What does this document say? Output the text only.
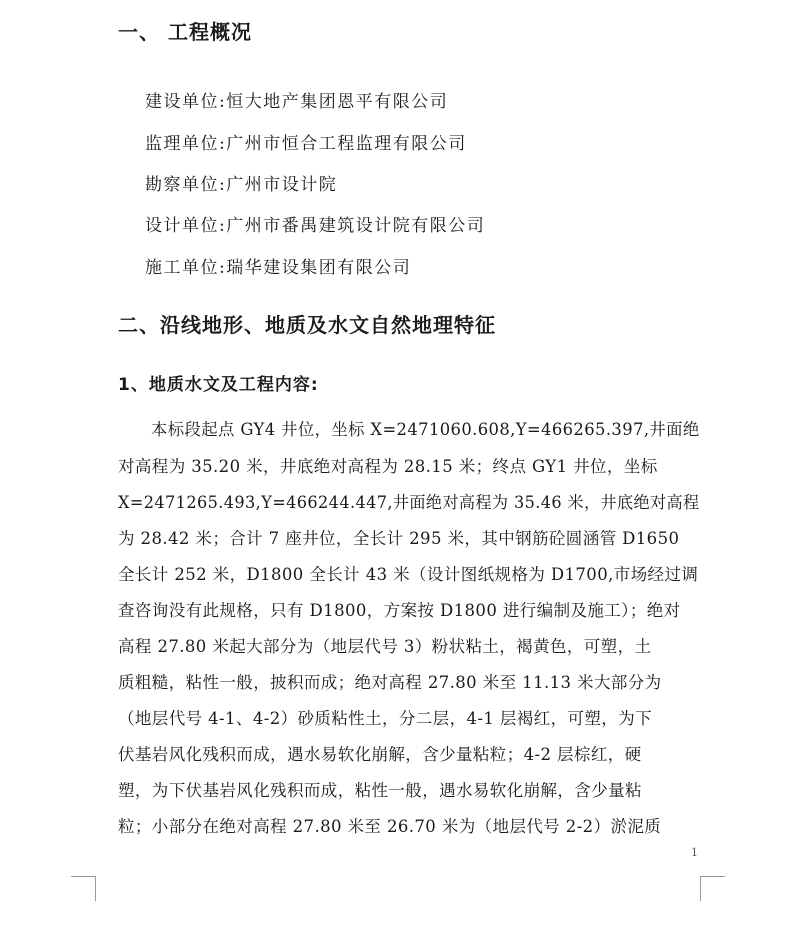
一、 工程概况
建设单位:恒大地产集团恩平有限公司
监理单位:广州市恒合工程监理有限公司
勘察单位:广州市设计院
设计单位:广州市番禺建筑设计院有限公司
施工单位:瑞华建设集团有限公司
二、沿线地形、地质及水文自然地理特征
1、地质水文及工程内容:
本标段起点 GY4 井位，坐标 X=2471060.608,Y=466265.397,井面绝
对高程为 35.20 米，井底绝对高程为 28.15 米；终点 GY1 井位，坐标
X=2471265.493,Y=466244.447,井面绝对高程为 35.46 米，井底绝对高程
为 28.42 米；合计 7 座井位，全长计 295 米，其中钢筋砼圆涵管 D1650
全长计 252 米，D1800 全长计 43 米（设计图纸规格为 D1700,市场经过调
查咨询没有此规格，只有 D1800，方案按 D1800 进行编制及施工）；绝对
高程 27.80 米起大部分为（地层代号 3）粉状粘土，褐黄色，可塑，土
质粗糙，粘性一般，披积而成；绝对高程 27.80 米至 11.13 米大部分为
（地层代号 4-1、4-2）砂质粘性土，分二层，4-1 层褐红，可塑，为下
伏基岩风化残积而成，遇水易软化崩解，含少量粘粒；4-2 层棕红，硬
塑，为下伏基岩风化残积而成，粘性一般，遇水易软化崩解，含少量粘
粒；小部分在绝对高程 27.80 米至 26.70 米为（地层代号 2-2）淤泥质
1
